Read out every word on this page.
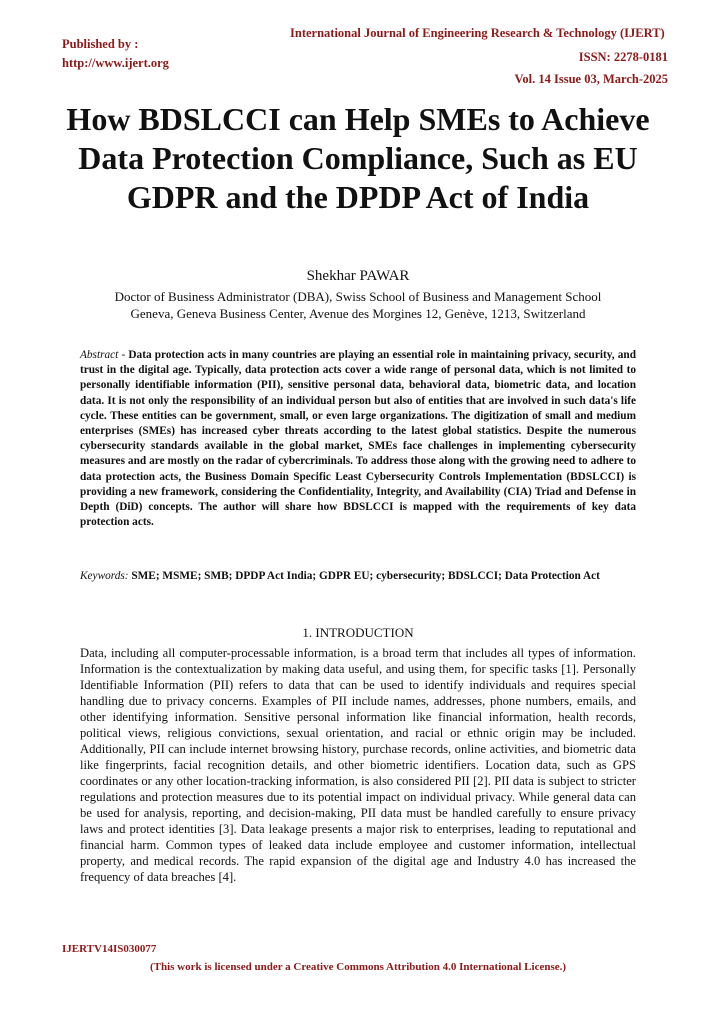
International Journal of Engineering Research & Technology (IJERT)
Published by :
http://www.ijert.org	ISSN: 2278-0181
Vol. 14 Issue 03, March-2025
How BDSLCCI can Help SMEs to Achieve Data Protection Compliance, Such as EU GDPR and the DPDP Act of India
Shekhar PAWAR
Doctor of Business Administrator (DBA), Swiss School of Business and Management School
Geneva, Geneva Business Center, Avenue des Morgines 12, Genève, 1213, Switzerland

Abstract - Data protection acts in many countries are playing an essential role in maintaining privacy, security, and trust in the digital age. Typically, data protection acts cover a wide range of personal data, which is not limited to personally identifiable information (PII), sensitive personal data, behavioral data, biometric data, and location data. It is not only the responsibility of an individual person but also of entities that are involved in such data's life cycle. These entities can be government, small, or even large organizations. The digitization of small and medium enterprises (SMEs) has increased cyber threats according to the latest global statistics. Despite the numerous cybersecurity standards available in the global market, SMEs face challenges in implementing cybersecurity measures and are mostly on the radar of cybercriminals. To address those along with the growing need to adhere to data protection acts, the Business Domain Specific Least Cybersecurity Controls Implementation (BDSLCCI) is providing a new framework, considering the Confidentiality, Integrity, and Availability (CIA) Triad and Defense in Depth (DiD) concepts. The author will share how BDSLCCI is mapped with the requirements of key data protection acts.

Keywords: SME; MSME; SMB; DPDP Act India; GDPR EU; cybersecurity; BDSLCCI; Data Protection Act

1. INTRODUCTION

Data, including all computer-processable information, is a broad term that includes all types of information. Information is the contextualization by making data useful, and using them, for specific tasks [1]. Personally Identifiable Information (PII) refers to data that can be used to identify individuals and requires special handling due to privacy concerns. Examples of PII include names, addresses, phone numbers, emails, and other identifying information. Sensitive personal information like financial information, health records, political views, religious convictions, sexual orientation, and racial or ethnic origin may be included. Additionally, PII can include internet browsing history, purchase records, online activities, and biometric data like fingerprints, facial recognition details, and other biometric identifiers. Location data, such as GPS coordinates or any other location-tracking information, is also considered PII [2]. PII data is subject to stricter regulations and protection measures due to its potential impact on individual privacy. While general data can be used for analysis, reporting, and decision-making, PII data must be handled carefully to ensure privacy laws and protect identities [3]. Data leakage presents a major risk to enterprises, leading to reputational and financial harm. Common types of leaked data include employee and customer information, intellectual property, and medical records. The rapid expansion of the digital age and Industry 4.0 has increased the frequency of data breaches [4].

IJERTV14IS030077
(This work is licensed under a Creative Commons Attribution 4.0 International License.)
